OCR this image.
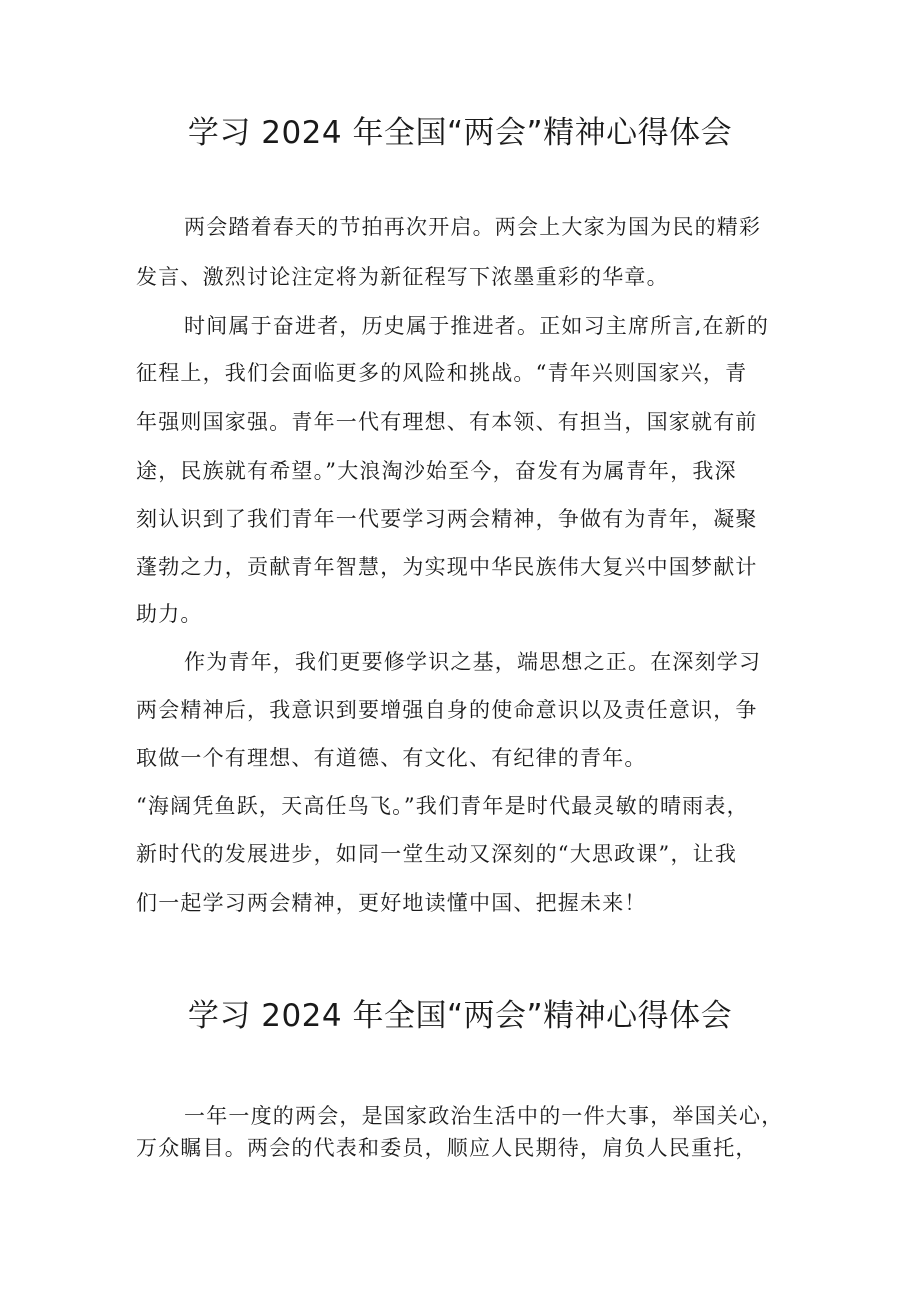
学习 2024 年全国“两会”精神心得体会

两会踏着春天的节拍再次开启。两会上大家为国为民的精彩

发言、激烈讨论注定将为新征程写下浓墨重彩的华章。

时间属于奋进者，历史属于推进者。正如习主席所言,在新的

征程上，我们会面临更多的风险和挑战。“青年兴则国家兴，青

年强则国家强。青年一代有理想、有本领、有担当，国家就有前

途，民族就有希望。”大浪淘沙始至今，奋发有为属青年，我深

刻认识到了我们青年一代要学习两会精神，争做有为青年，凝聚

蓬勃之力，贡献青年智慧，为实现中华民族伟大复兴中国梦献计

助力。

作为青年，我们更要修学识之基，端思想之正。在深刻学习

两会精神后，我意识到要增强自身的使命意识以及责任意识，争

取做一个有理想、有道德、有文化、有纪律的青年。

“海阔凭鱼跃，天高任鸟飞。”我们青年是时代最灵敏的晴雨表，

新时代的发展进步，如同一堂生动又深刻的“大思政课”，让我

们一起学习两会精神，更好地读懂中国、把握未来！

学习 2024 年全国“两会”精神心得体会

一年一度的两会，是国家政治生活中的一件大事，举国关心，

万众瞩目。两会的代表和委员，顺应人民期待，肩负人民重托，
